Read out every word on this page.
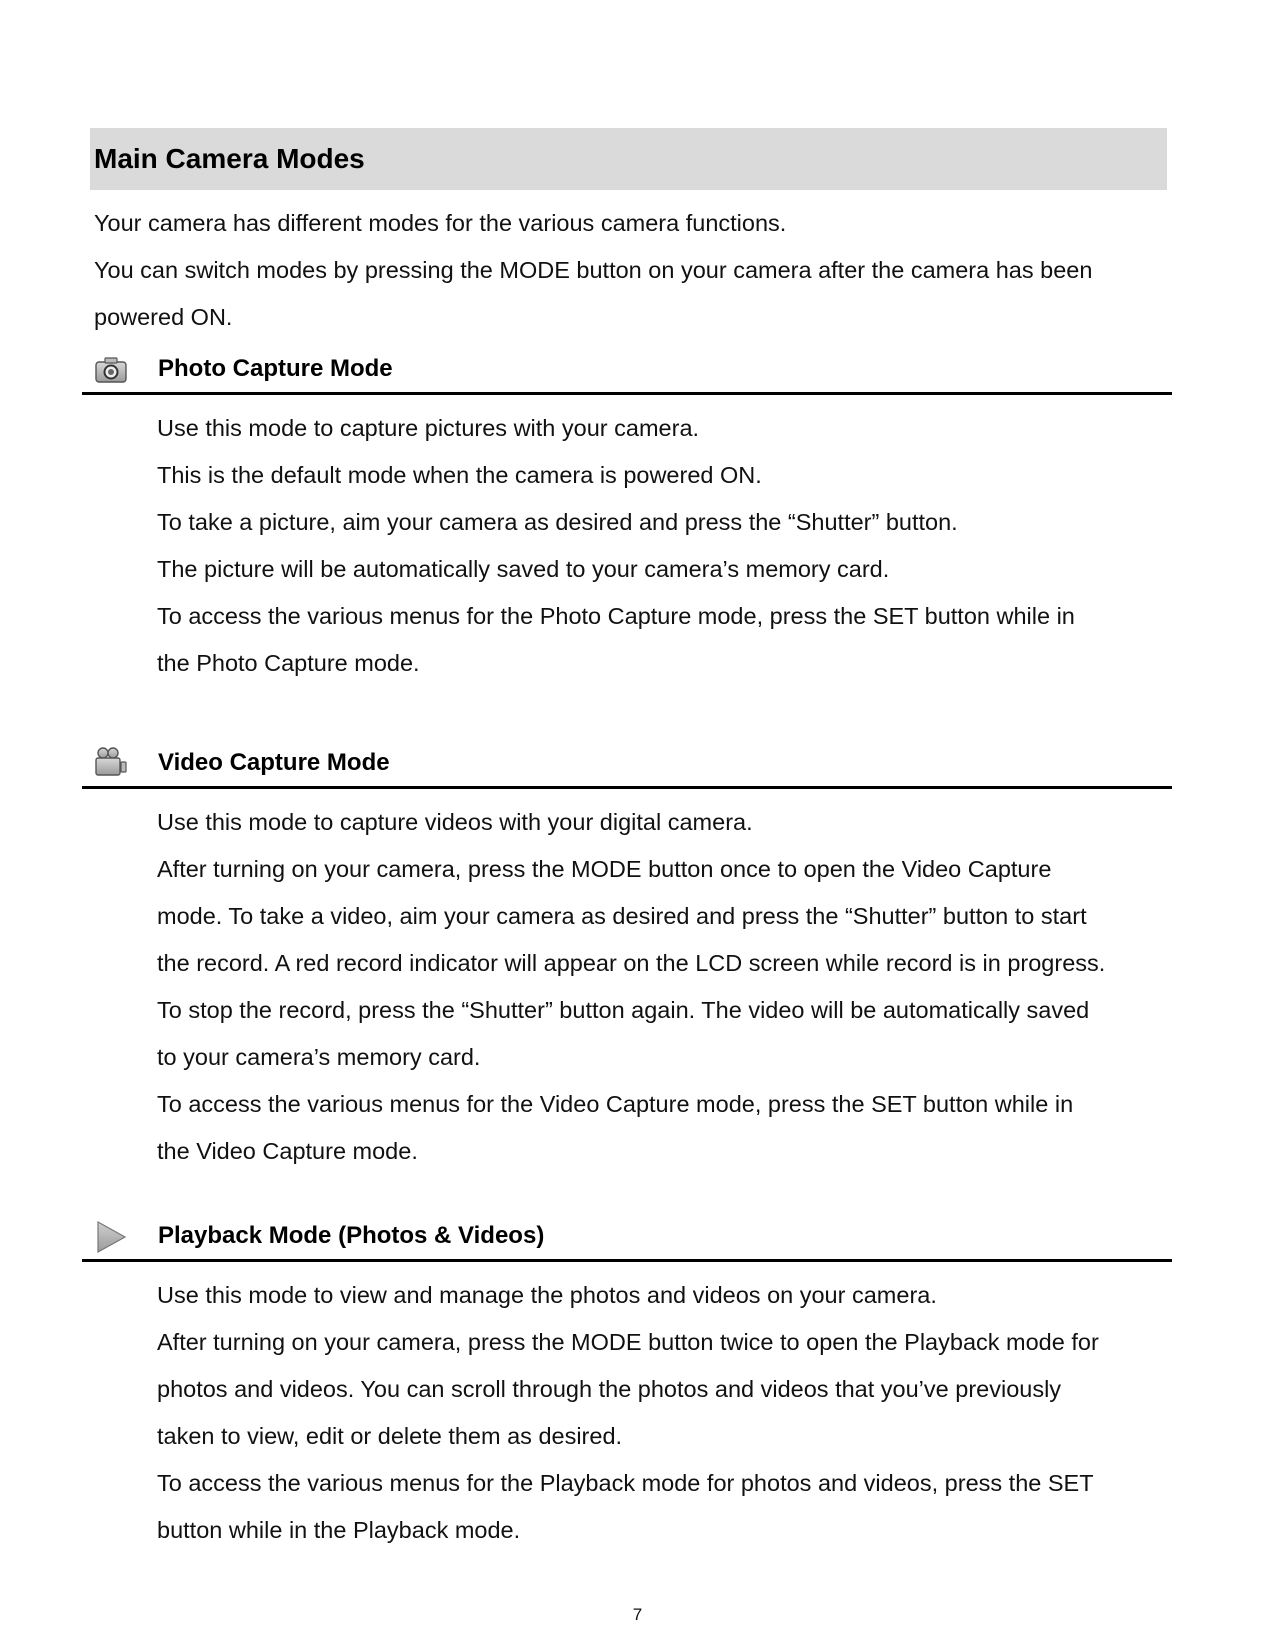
Main Camera Modes

Your camera has different modes for the various camera functions.

You can switch modes by pressing the MODE button on your camera after the camera has been

powered ON.

Photo Capture Mode

Use this mode to capture pictures with your camera.

This is the default mode when the camera is powered ON.

To take a picture, aim your camera as desired and press the “Shutter” button.

The picture will be automatically saved to your camera’s memory card.

To access the various menus for the Photo Capture mode, press the SET button while in

the Photo Capture mode.

Video Capture Mode

Use this mode to capture videos with your digital camera.

After turning on your camera, press the MODE button once to open the Video Capture

mode. To take a video, aim your camera as desired and press the “Shutter” button to start

the record. A red record indicator will appear on the LCD screen while record is in progress.

To stop the record, press the “Shutter” button again. The video will be automatically saved

to your camera’s memory card.

To access the various menus for the Video Capture mode, press the SET button while in

the Video Capture mode.

Playback Mode (Photos & Videos)

Use this mode to view and manage the photos and videos on your camera.

After turning on your camera, press the MODE button twice to open the Playback mode for

photos and videos. You can scroll through the photos and videos that you’ve previously

taken to view, edit or delete them as desired.

To access the various menus for the Playback mode for photos and videos, press the SET

button while in the Playback mode.

7
